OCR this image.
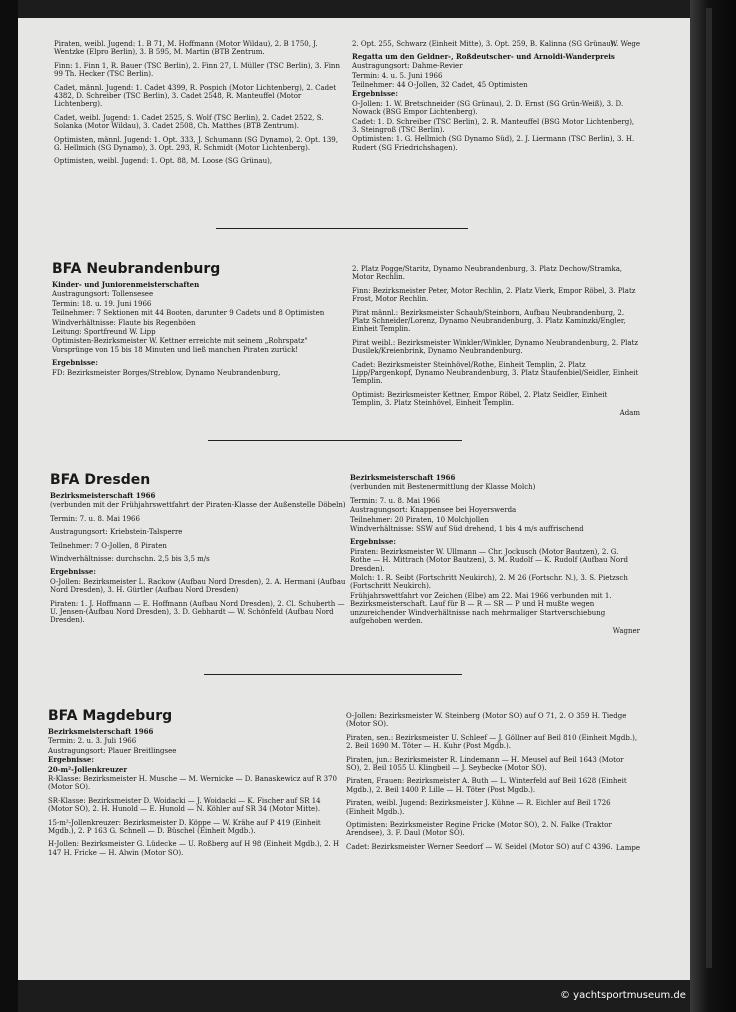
Piraten, weibl. Jugend: 1. B 71, M. Hoffmann (Motor Wildau), 2. B 1750, J. Wentzke (Elpro Berlin), 3. B 595, M. Martin (BTB Zentrum.

Finn: 1. Finn 1, R. Bauer (TSC Berlin), 2. Finn 27, I. Müller (TSC Berlin), 3. Finn 99 Th. Hecker (TSC Berlin).

Cadet, männl. Jugend: 1. Cadet 4399, R. Pospich (Motor Lichtenberg), 2. Cadet 4382, D. Schreiber (TSC Berlin), 3. Cadet 2548, R. Manteuffel (Motor Lichtenberg).

Cadet, weibl. Jugend: 1. Cadet 2525, S. Wolf (TSC Berlin), 2. Cadet 2522, S. Solanka (Motor Wildau), 3. Cadet 2508, Ch. Matthes (BTB Zentrum).

Optimisten, männl. Jugend: 1. Opt. 333, J. Schumann (SG Dynamo), 2. Opt. 139, G. Hellmich (SG Dynamo), 3. Opt. 293, R. Schmidt (Motor Lichtenberg).

Optimisten, weibl. Jugend: 1. Opt. 88, M. Loose (SG Grünau),

2. Opt. 255, Schwarz (Einheit Mitte), 3. Opt. 259, B. Kalinna (SG Grünau).

W. Wege

Regatta um den Geldner-, Roßdeutscher- und Arnoldi-Wanderpreis

Austragungsort: Dahme-Revier

Termin: 4. u. 5. Juni 1966

Teilnehmer: 44 O-Jollen, 32 Cadet, 45 Optimisten

Ergebnisse:

O-Jollen: 1. W. Bretschneider (SG Grünau), 2. D. Ernst (SG Grün-Weiß), 3. D. Nowack (BSG Empor Lichtenberg).

Cadet: 1. D. Schreiber (TSC Berlin), 2. R. Manteuffel (BSG Motor Lichtenberg), 3. Steingroß (TSC Berlin).

Optimisten: 1. G. Hellmich (SG Dynamo Süd), 2. J. Liermann (TSC Berlin), 3. H. Rudert (SG Friedrichshagen).

BFA Neubrandenburg

Kinder- und Juniorenmeisterschaften

Austragungsort: Tollensesee

Termin: 18. u. 19. Juni 1966

Teilnehmer: 7 Sektionen mit 44 Booten, darunter 9 Cadets und 8 Optimisten

Windverhältnisse: Flaute bis Regenböen

Leitung: Sportfreund W. Lipp

Optimisten-Bezirksmeister W. Kettner erreichte mit seinem „Rohrspatz" Vorsprünge von 15 bis 18 Minuten und ließ manchen Piraten zurück!

Ergebnisse:

FD: Bezirksmeister Borges/Streblow, Dynamo Neubrandenburg,

2. Platz Pogge/Staritz, Dynamo Neubrandenburg, 3. Platz Dechow/Stramka, Motor Rechlin.

Finn: Bezirksmeister Peter, Motor Rechlin, 2. Platz Vierk, Empor Röbel, 3. Platz Frost, Motor Rechlin.

Pirat männl.: Bezirksmeister Schaub/Steinborn, Aufbau Neubrandenburg, 2. Platz Schneider/Lorenz, Dynamo Neubrandenburg, 3. Platz Kaminzki/Engler, Einheit Templin.

Pirat weibl.: Bezirksmeister Winkler/Winkler, Dynamo Neubrandenburg, 2. Platz Dusilek/Kreienbrink, Dynamo Neubrandenburg.

Cadet: Bezirksmeister Steinhövel/Rothe, Einheit Templin, 2. Platz Lipp/Pargenkopf, Dynamo Neubrandenburg, 3. Platz Staufenbiel/Seidler, Einheit Templin.

Optimist: Bezirksmeister Kettner, Empor Röbel, 2. Platz Seidler, Einheit Templin, 3. Platz Steinhövel, Einheit Templin.

Adam
BFA Dresden

Bezirksmeisterschaft 1966

(verbunden mit der Frühjahrswettfahrt der Piraten-Klasse der Außenstelle Döbeln)

Termin: 7. u. 8. Mai 1966

Austragungsort: Kriebstein-Talsperre

Teilnehmer: 7 O-Jollen, 8 Piraten

Windverhältnisse: durchschn. 2,5 bis 3,5 m/s

Ergebnisse:

O-Jollen: Bezirksmeister L. Rackow (Aufbau Nord Dresden), 2. A. Hermani (Aufbau Nord Dresden), 3. H. Gürtler (Aufbau Nord Dresden)

Piraten: 1. J. Hoffmann — E. Hoffmann (Aufbau Nord Dresden), 2. Cl. Schuberth — U. Jensen-(Aufbau Nord Dresden), 3. D. Gebhardt — W. Schönfeld (Aufbau Nord Dresden).

Bezirksmeisterschaft 1966

(verbunden mit Bestenermittlung der Klasse Molch)

Termin: 7. u. 8. Mai 1966

Austragungsort: Knappensee bei Hoyerswerda

Teilnehmer: 20 Piraten, 10 Molchjollen

Windverhältnisse: SSW auf Süd drehend, 1 bis 4 m/s auffrischend

Ergebnisse:

Piraten: Bezirksmeister W. Ullmann — Chr. Jockusch (Motor Bautzen), 2. G. Rothe — H. Mittrach (Motor Bautzen), 3. M. Rudolf — K. Rudolf (Aufbau Nord Dresden).

Molch: 1. R. Seibt (Fortschritt Neukirch), 2. M 26 (Fortschr. N.), 3. S. Pietzsch (Fortschritt Neukirch).

Frühjahrswettfahrt vor Zeichen (Elbe) am 22. Mai 1966 verbunden mit 1. Bezirksmeisterschaft. Lauf für B — R — SR — P und H mußte wegen unzureichender Windverhältnisse nach mehrmaliger Startverschiebung aufgehoben werden.

Wagner
BFA Magdeburg

Bezirksmeisterschaft 1966

Termin: 2. u. 3. Juli 1966

Austragungsort: Plauer Breitlingsee

Ergebnisse:

20-m²-Jollenkreuzer

R-Klasse: Bezirksmeister H. Musche — M. Wernicke — D. Banaskewicz auf R 370 (Motor SO).

SR-Klasse: Bezirksmeister D. Woidacki — J. Woidacki — K. Fischer auf SR 14 (Motor SO), 2. H. Hunold — E. Hunold — N. Köhler auf SR 34 (Motor Mitte).

15-m²-Jollenkreuzer: Bezirksmeister D. Köppe — W. Krähe auf P 419 (Einheit Mgdb.), 2. P 163 G. Schnell — D. Büschel (Einheit Mgdb.).

H-Jollen: Bezirksmeister G. Lüdecke — U. Roßberg auf H 98 (Einheit Mgdb.), 2. H 147 H. Fricke — H. Alwin (Motor SO).

O-Jollen: Bezirksmeister W. Steinberg (Motor SO) auf O 71, 2. O 359 H. Tiedge (Motor SO).

Piraten, sen.: Bezirksmeister U. Schleef — J. Göllner auf Beil 810 (Einheit Mgdb.), 2. Beil 1690 M. Töter — H. Kuhr (Post Mgdb.).

Piraten, jun.: Bezirksmeister R. Lindemann — H. Meusel auf Beil 1643 (Motor SO), 2. Beil 1055 U. Klingbeil — J. Seybecke (Motor SO).

Piraten, Frauen: Bezirksmeister A. Buth — L. Winterfeld auf Beil 1628 (Einheit Mgdb.), 2. Beil 1400 P. Lille — H. Töter (Post Mgdb.).

Piraten, weibl. Jugend: Bezirksmeister J. Kühne — R. Eichler auf Beil 1726 (Einheit Mgdb.).

Optimisten: Bezirksmeister Regine Fricke (Motor SO), 2. N. Falke (Traktor Arendsee), 3. F. Daul (Motor SO).

Cadet: Bezirksmeister Werner Seedorf — W. Seidel (Motor SO) auf C 4396. Lampe
© yachtsportmuseum.de
